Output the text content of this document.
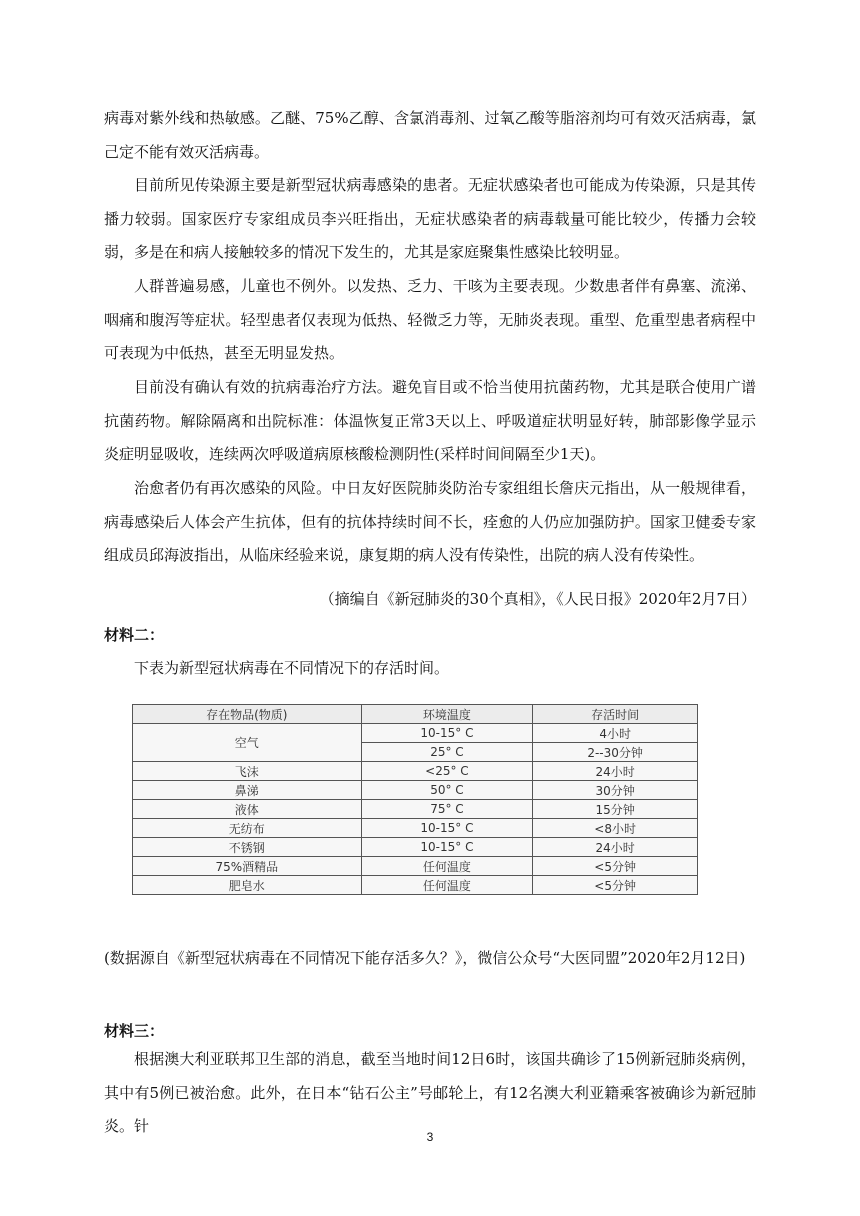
病毒对紫外线和热敏感。乙醚、75%乙醇、含氯消毒剂、过氧乙酸等脂溶剂均可有效灭活病毒，氯己定不能有效灭活病毒。

目前所见传染源主要是新型冠状病毒感染的患者。无症状感染者也可能成为传染源，只是其传播力较弱。国家医疗专家组成员李兴旺指出，无症状感染者的病毒载量可能比较少，传播力会较弱，多是在和病人接触较多的情况下发生的，尤其是家庭聚集性感染比较明显。

人群普遍易感，儿童也不例外。以发热、乏力、干咳为主要表现。少数患者伴有鼻塞、流涕、咽痛和腹泻等症状。轻型患者仅表现为低热、轻微乏力等，无肺炎表现。重型、危重型患者病程中可表现为中低热，甚至无明显发热。

目前没有确认有效的抗病毒治疗方法。避免盲目或不恰当使用抗菌药物，尤其是联合使用广谱抗菌药物。解除隔离和出院标准：体温恢复正常3天以上、呼吸道症状明显好转，肺部影像学显示炎症明显吸收，连续两次呼吸道病原核酸检测阴性(采样时间间隔至少1天)。

治愈者仍有再次感染的风险。中日友好医院肺炎防治专家组组长詹庆元指出，从一般规律看，病毒感染后人体会产生抗体，但有的抗体持续时间不长，痊愈的人仍应加强防护。国家卫健委专家组成员邱海波指出，从临床经验来说，康复期的病人没有传染性，出院的病人没有传染性。

（摘编自《新冠肺炎的30个真相》，《人民日报》2020年2月7日）

材料二：

下表为新型冠状病毒在不同情况下的存活时间。

存在物品(物质)	环境温度	存活时间
空气	10-15° C	4小时
	25° C	2--30分钟
飞沫	<25° C	24小时
鼻涕	50° C	30分钟
液体	75° C	15分钟
无纺布	10-15° C	<8小时
不锈钢	10-15° C	24小时
75%酒精品	任何温度	<5分钟
肥皂水	任何温度	<5分钟

(数据源自《新型冠状病毒在不同情况下能存活多久？》，微信公众号“大医同盟”2020年2月12日)

材料三：

根据澳大利亚联邦卫生部的消息，截至当地时间12日6时，该国共确诊了15例新冠肺炎病例，其中有5例已被治愈。此外，在日本“钻石公主”号邮轮上，有12名澳大利亚籍乘客被确诊为新冠肺炎。针

3
